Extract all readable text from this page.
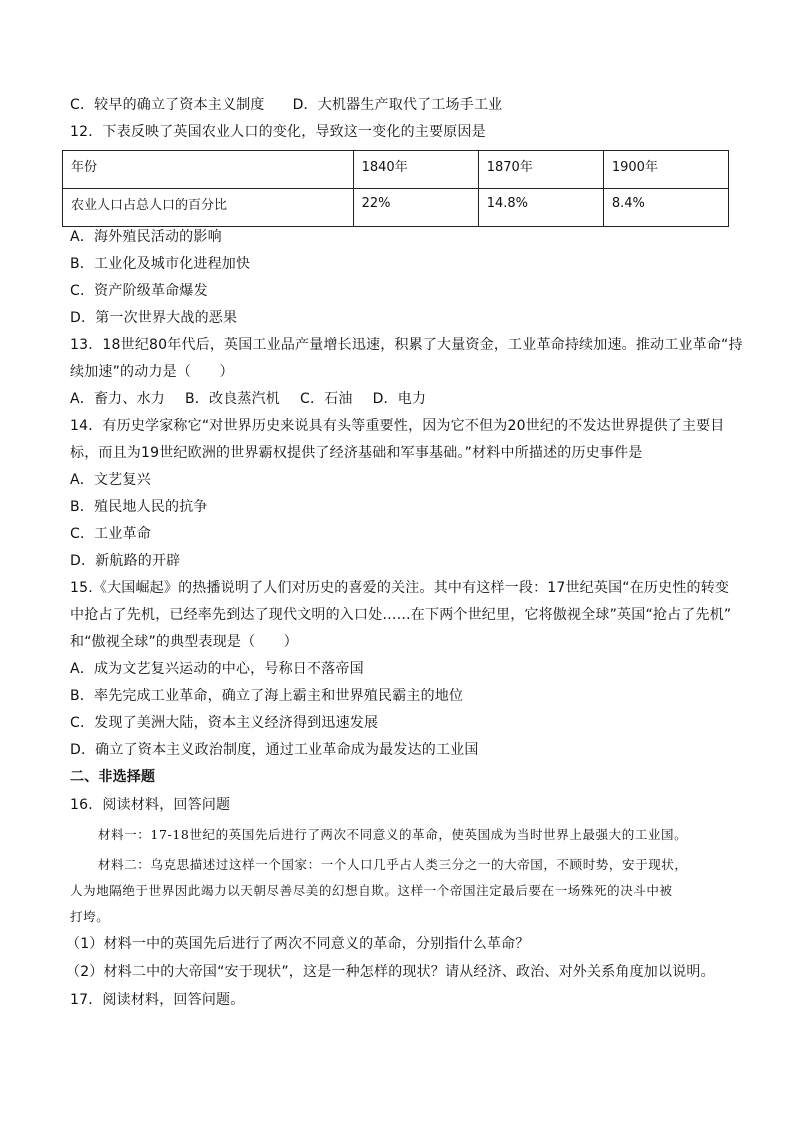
C．较早的确立了资本主义制度 D．大机器生产取代了工场手工业
12．下表反映了英国农业人口的变化，导致这一变化的主要原因是
年份	1840年	1870年	1900年
农业人口占总人口的百分比	22%	14.8%	8.4%
A．海外殖民活动的影响
B．工业化及城市化进程加快
C．资产阶级革命爆发
D．第一次世界大战的恶果
13．18世纪80年代后，英国工业品产量增长迅速，积累了大量资金，工业革命持续加速。推动工业革命“持
续加速”的动力是（　　）
A．畜力、水力 B．改良蒸汽机 C．石油 D．电力
14．有历史学家称它“对世界历史来说具有头等重要性，因为它不但为20世纪的不发达世界提供了主要目
标，而且为19世纪欧洲的世界霸权提供了经济基础和军事基础。”材料中所描述的历史事件是
A．文艺复兴
B．殖民地人民的抗争
C．工业革命
D．新航路的开辟
15.《大国崛起》的热播说明了人们对历史的喜爱的关注。其中有这样一段：17世纪英国“在历史性的转变
中抢占了先机，已经率先到达了现代文明的入口处……在下两个世纪里，它将傲视全球”英国“抢占了先机”
和“傲视全球”的典型表现是（　　）
A．成为文艺复兴运动的中心，号称日不落帝国
B．率先完成工业革命，确立了海上霸主和世界殖民霸主的地位
C．发现了美洲大陆，资本主义经济得到迅速发展
D．确立了资本主义政治制度，通过工业革命成为最发达的工业国
二、非选择题
16．阅读材料，回答问题
材料一：17-18世纪的英国先后进行了两次不同意义的革命，使英国成为当时世界上最强大的工业国。
材料二：乌克思描述过这样一个国家：一个人口几乎占人类三分之一的大帝国，不顾时势，安于现状，
人为地隔绝于世界因此竭力以天朝尽善尽美的幻想自欺。这样一个帝国注定最后要在一场殊死的决斗中被
打垮。
（1）材料一中的英国先后进行了两次不同意义的革命，分别指什么革命？
（2）材料二中的大帝国“安于现状”，这是一种怎样的现状？请从经济、政治、对外关系角度加以说明。
17．阅读材料，回答问题。
